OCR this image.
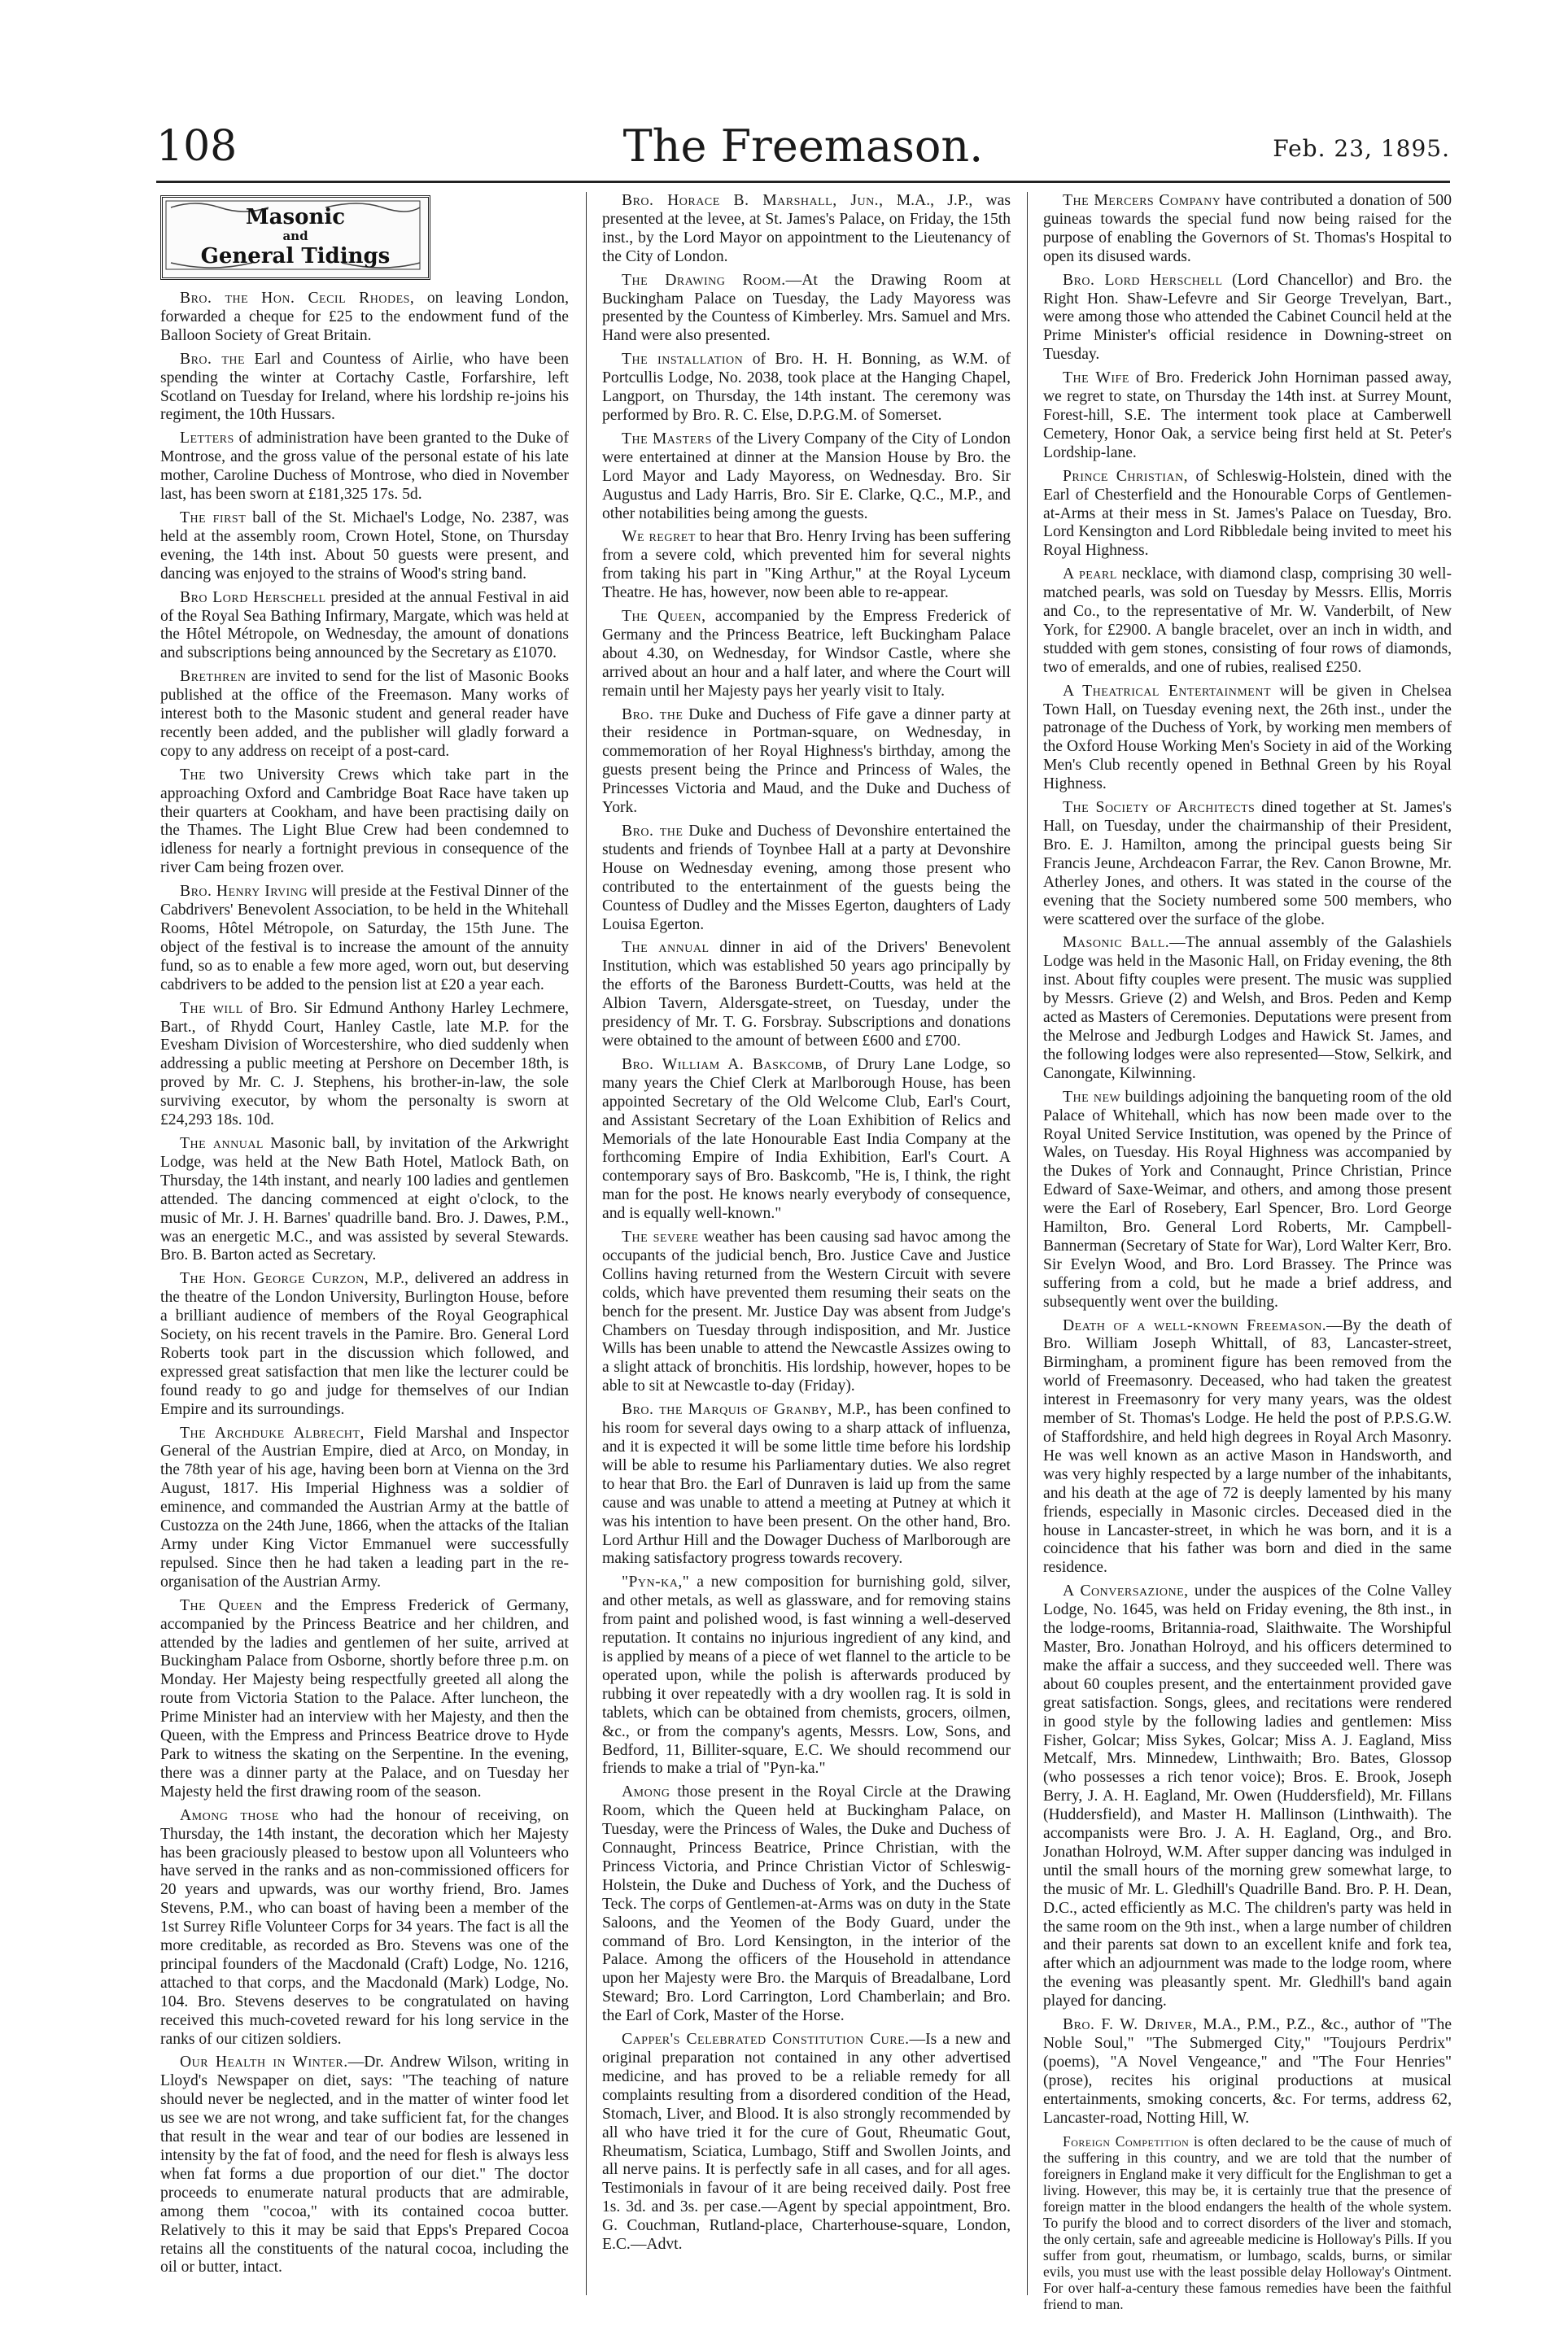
108	The Freemason.	Feb. 23, 1895.
Masonic
and
General Tidings

Bro. the Hon. Cecil Rhodes, on leaving London, forwarded a cheque for £25 to the endowment fund of the Balloon Society of Great Britain.

Bro. the Earl and Countess of Airlie, who have been spending the winter at Cortachy Castle, Forfarshire, left Scotland on Tuesday for Ireland, where his lordship re-joins his regiment, the 10th Hussars.

Letters of administration have been granted to the Duke of Montrose, and the gross value of the personal estate of his late mother, Caroline Duchess of Montrose, who died in November last, has been sworn at £181,325 17s. 5d.

The first ball of the St. Michael's Lodge, No. 2387, was held at the assembly room, Crown Hotel, Stone, on Thursday evening, the 14th inst. About 50 guests were present, and dancing was enjoyed to the strains of Wood's string band.

Bro Lord Herschell presided at the annual Festival in aid of the Royal Sea Bathing Infirmary, Margate, which was held at the Hôtel Métropole, on Wednesday, the amount of donations and subscriptions being announced by the Secretary as £1070.

Brethren are invited to send for the list of Masonic Books published at the office of the Freemason. Many works of interest both to the Masonic student and general reader have recently been added, and the publisher will gladly forward a copy to any address on receipt of a post-card.

The two University Crews which take part in the approaching Oxford and Cambridge Boat Race have taken up their quarters at Cookham, and have been practising daily on the Thames. The Light Blue Crew had been condemned to idleness for nearly a fortnight previous in consequence of the river Cam being frozen over.

Bro. Henry Irving will preside at the Festival Dinner of the Cabdrivers' Benevolent Association, to be held in the Whitehall Rooms, Hôtel Métropole, on Saturday, the 15th June. The object of the festival is to increase the amount of the annuity fund, so as to enable a few more aged, worn out, but deserving cabdrivers to be added to the pension list at £20 a year each.

The will of Bro. Sir Edmund Anthony Harley Lechmere, Bart., of Rhydd Court, Hanley Castle, late M.P. for the Evesham Division of Worcestershire, who died suddenly when addressing a public meeting at Pershore on December 18th, is proved by Mr. C. J. Stephens, his brother-in-law, the sole surviving executor, by whom the personalty is sworn at £24,293 18s. 10d.

The annual Masonic ball, by invitation of the Arkwright Lodge, was held at the New Bath Hotel, Matlock Bath, on Thursday, the 14th instant, and nearly 100 ladies and gentlemen attended. The dancing commenced at eight o'clock, to the music of Mr. J. H. Barnes' quadrille band. Bro. J. Dawes, P.M., was an energetic M.C., and was assisted by several Stewards. Bro. B. Barton acted as Secretary.

The Hon. George Curzon, M.P., delivered an address in the theatre of the London University, Burlington House, before a brilliant audience of members of the Royal Geographical Society, on his recent travels in the Pamire. Bro. General Lord Roberts took part in the discussion which followed, and expressed great satisfaction that men like the lecturer could be found ready to go and judge for themselves of our Indian Empire and its surroundings.

The Archduke Albrecht, Field Marshal and Inspector General of the Austrian Empire, died at Arco, on Monday, in the 78th year of his age, having been born at Vienna on the 3rd August, 1817. His Imperial Highness was a soldier of eminence, and commanded the Austrian Army at the battle of Custozza on the 24th June, 1866, when the attacks of the Italian Army under King Victor Emmanuel were successfully repulsed. Since then he had taken a leading part in the re-organisation of the Austrian Army.

The Queen and the Empress Frederick of Germany, accompanied by the Princess Beatrice and her children, and attended by the ladies and gentlemen of her suite, arrived at Buckingham Palace from Osborne, shortly before three p.m. on Monday. Her Majesty being respectfully greeted all along the route from Victoria Station to the Palace. After luncheon, the Prime Minister had an interview with her Majesty, and then the Queen, with the Empress and Princess Beatrice drove to Hyde Park to witness the skating on the Serpentine. In the evening, there was a dinner party at the Palace, and on Tuesday her Majesty held the first drawing room of the season.

Among those who had the honour of receiving, on Thursday, the 14th instant, the decoration which her Majesty has been graciously pleased to bestow upon all Volunteers who have served in the ranks and as non-commissioned officers for 20 years and upwards, was our worthy friend, Bro. James Stevens, P.M., who can boast of having been a member of the 1st Surrey Rifle Volunteer Corps for 34 years. The fact is all the more creditable, as recorded as Bro. Stevens was one of the principal founders of the Macdonald (Craft) Lodge, No. 1216, attached to that corps, and the Macdonald (Mark) Lodge, No. 104. Bro. Stevens deserves to be congratulated on having received this much-coveted reward for his long service in the ranks of our citizen soldiers.

Our Health in Winter.—Dr. Andrew Wilson, writing in Lloyd's Newspaper on diet, says: "The teaching of nature should never be neglected, and in the matter of winter food let us see we are not wrong, and take sufficient fat, for the changes that result in the wear and tear of our bodies are lessened in intensity by the fat of food, and the need for flesh is always less when fat forms a due proportion of our diet." The doctor proceeds to enumerate natural products that are admirable, among them "cocoa," with its contained cocoa butter. Relatively to this it may be said that Epps's Prepared Cocoa retains all the constituents of the natural cocoa, including the oil or butter, intact.

Bro. Horace B. Marshall, Jun., M.A., J.P., was presented at the levee, at St. James's Palace, on Friday, the 15th inst., by the Lord Mayor on appointment to the Lieutenancy of the City of London.

The Drawing Room.—At the Drawing Room at Buckingham Palace on Tuesday, the Lady Mayoress was presented by the Countess of Kimberley. Mrs. Samuel and Mrs. Hand were also presented.

The installation of Bro. H. H. Bonning, as W.M. of Portcullis Lodge, No. 2038, took place at the Hanging Chapel, Langport, on Thursday, the 14th instant. The ceremony was performed by Bro. R. C. Else, D.P.G.M. of Somerset.

The Masters of the Livery Company of the City of London were entertained at dinner at the Mansion House by Bro. the Lord Mayor and Lady Mayoress, on Wednesday. Bro. Sir Augustus and Lady Harris, Bro. Sir E. Clarke, Q.C., M.P., and other notabilities being among the guests.

We regret to hear that Bro. Henry Irving has been suffering from a severe cold, which prevented him for several nights from taking his part in "King Arthur," at the Royal Lyceum Theatre. He has, however, now been able to re-appear.

The Queen, accompanied by the Empress Frederick of Germany and the Princess Beatrice, left Buckingham Palace about 4.30, on Wednesday, for Windsor Castle, where she arrived about an hour and a half later, and where the Court will remain until her Majesty pays her yearly visit to Italy.

Bro. the Duke and Duchess of Fife gave a dinner party at their residence in Portman-square, on Wednesday, in commemoration of her Royal Highness's birthday, among the guests present being the Prince and Princess of Wales, the Princesses Victoria and Maud, and the Duke and Duchess of York.

Bro. the Duke and Duchess of Devonshire entertained the students and friends of Toynbee Hall at a party at Devonshire House on Wednesday evening, among those present who contributed to the entertainment of the guests being the Countess of Dudley and the Misses Egerton, daughters of Lady Louisa Egerton.

The annual dinner in aid of the Drivers' Benevolent Institution, which was established 50 years ago principally by the efforts of the Baroness Burdett-Coutts, was held at the Albion Tavern, Aldersgate-street, on Tuesday, under the presidency of Mr. T. G. Forsbray. Subscriptions and donations were obtained to the amount of between £600 and £700.

Bro. William A. Baskcomb, of Drury Lane Lodge, so many years the Chief Clerk at Marlborough House, has been appointed Secretary of the Old Welcome Club, Earl's Court, and Assistant Secretary of the Loan Exhibition of Relics and Memorials of the late Honourable East India Company at the forthcoming Empire of India Exhibition, Earl's Court. A contemporary says of Bro. Baskcomb, "He is, I think, the right man for the post. He knows nearly everybody of consequence, and is equally well-known."

The severe weather has been causing sad havoc among the occupants of the judicial bench, Bro. Justice Cave and Justice Collins having returned from the Western Circuit with severe colds, which have prevented them resuming their seats on the bench for the present. Mr. Justice Day was absent from Judge's Chambers on Tuesday through indisposition, and Mr. Justice Wills has been unable to attend the Newcastle Assizes owing to a slight attack of bronchitis. His lordship, however, hopes to be able to sit at Newcastle to-day (Friday).

Bro. the Marquis of Granby, M.P., has been confined to his room for several days owing to a sharp attack of influenza, and it is expected it will be some little time before his lordship will be able to resume his Parliamentary duties. We also regret to hear that Bro. the Earl of Dunraven is laid up from the same cause and was unable to attend a meeting at Putney at which it was his intention to have been present. On the other hand, Bro. Lord Arthur Hill and the Dowager Duchess of Marlborough are making satisfactory progress towards recovery.

"Pyn-ka," a new composition for burnishing gold, silver, and other metals, as well as glassware, and for removing stains from paint and polished wood, is fast winning a well-deserved reputation. It contains no injurious ingredient of any kind, and is applied by means of a piece of wet flannel to the article to be operated upon, while the polish is afterwards produced by rubbing it over repeatedly with a dry woollen rag. It is sold in tablets, which can be obtained from chemists, grocers, oilmen, &c., or from the company's agents, Messrs. Low, Sons, and Bedford, 11, Billiter-square, E.C. We should recommend our friends to make a trial of "Pyn-ka."

Among those present in the Royal Circle at the Drawing Room, which the Queen held at Buckingham Palace, on Tuesday, were the Princess of Wales, the Duke and Duchess of Connaught, Princess Beatrice, Prince Christian, with the Princess Victoria, and Prince Christian Victor of Schleswig-Holstein, the Duke and Duchess of York, and the Duchess of Teck. The corps of Gentlemen-at-Arms was on duty in the State Saloons, and the Yeomen of the Body Guard, under the command of Bro. Lord Kensington, in the interior of the Palace. Among the officers of the Household in attendance upon her Majesty were Bro. the Marquis of Breadalbane, Lord Steward; Bro. Lord Carrington, Lord Chamberlain; and Bro. the Earl of Cork, Master of the Horse.

Capper's Celebrated Constitution Cure.—Is a new and original preparation not contained in any other advertised medicine, and has proved to be a reliable remedy for all complaints resulting from a disordered condition of the Head, Stomach, Liver, and Blood. It is also strongly recommended by all who have tried it for the cure of Gout, Rheumatic Gout, Rheumatism, Sciatica, Lumbago, Stiff and Swollen Joints, and all nerve pains. It is perfectly safe in all cases, and for all ages. Testimonials in favour of it are being received daily. Post free 1s. 3d. and 3s. per case.—Agent by special appointment, Bro. G. Couchman, Rutland-place, Charterhouse-square, London, E.C.—Advt.

The Mercers Company have contributed a donation of 500 guineas towards the special fund now being raised for the purpose of enabling the Governors of St. Thomas's Hospital to open its disused wards.

Bro. Lord Herschell (Lord Chancellor) and Bro. the Right Hon. Shaw-Lefevre and Sir George Trevelyan, Bart., were among those who attended the Cabinet Council held at the Prime Minister's official residence in Downing-street on Tuesday.

The Wife of Bro. Frederick John Horniman passed away, we regret to state, on Thursday the 14th inst. at Surrey Mount, Forest-hill, S.E. The interment took place at Camberwell Cemetery, Honor Oak, a service being first held at St. Peter's Lordship-lane.

Prince Christian, of Schleswig-Holstein, dined with the Earl of Chesterfield and the Honourable Corps of Gentlemen-at-Arms at their mess in St. James's Palace on Tuesday, Bro. Lord Kensington and Lord Ribbledale being invited to meet his Royal Highness.

A pearl necklace, with diamond clasp, comprising 30 well-matched pearls, was sold on Tuesday by Messrs. Ellis, Morris and Co., to the representative of Mr. W. Vanderbilt, of New York, for £2900. A bangle bracelet, over an inch in width, and studded with gem stones, consisting of four rows of diamonds, two of emeralds, and one of rubies, realised £250.

A Theatrical Entertainment will be given in Chelsea Town Hall, on Tuesday evening next, the 26th inst., under the patronage of the Duchess of York, by working men members of the Oxford House Working Men's Society in aid of the Working Men's Club recently opened in Bethnal Green by his Royal Highness.

The Society of Architects dined together at St. James's Hall, on Tuesday, under the chairmanship of their President, Bro. E. J. Hamilton, among the principal guests being Sir Francis Jeune, Archdeacon Farrar, the Rev. Canon Browne, Mr. Atherley Jones, and others. It was stated in the course of the evening that the Society numbered some 500 members, who were scattered over the surface of the globe.

Masonic Ball.—The annual assembly of the Galashiels Lodge was held in the Masonic Hall, on Friday evening, the 8th inst. About fifty couples were present. The music was supplied by Messrs. Grieve (2) and Welsh, and Bros. Peden and Kemp acted as Masters of Ceremonies. Deputations were present from the Melrose and Jedburgh Lodges and Hawick St. James, and the following lodges were also represented—Stow, Selkirk, and Canongate, Kilwinning.

The new buildings adjoining the banqueting room of the old Palace of Whitehall, which has now been made over to the Royal United Service Institution, was opened by the Prince of Wales, on Tuesday. His Royal Highness was accompanied by the Dukes of York and Connaught, Prince Christian, Prince Edward of Saxe-Weimar, and others, and among those present were the Earl of Rosebery, Earl Spencer, Bro. Lord George Hamilton, Bro. General Lord Roberts, Mr. Campbell-Bannerman (Secretary of State for War), Lord Walter Kerr, Bro. Sir Evelyn Wood, and Bro. Lord Brassey. The Prince was suffering from a cold, but he made a brief address, and subsequently went over the building.

Death of a well-known Freemason.—By the death of Bro. William Joseph Whittall, of 83, Lancaster-street, Birmingham, a prominent figure has been removed from the world of Freemasonry. Deceased, who had taken the greatest interest in Freemasonry for very many years, was the oldest member of St. Thomas's Lodge. He held the post of P.P.S.G.W. of Staffordshire, and held high degrees in Royal Arch Masonry. He was well known as an active Mason in Handsworth, and was very highly respected by a large number of the inhabitants, and his death at the age of 72 is deeply lamented by his many friends, especially in Masonic circles. Deceased died in the house in Lancaster-street, in which he was born, and it is a coincidence that his father was born and died in the same residence.

A Conversazione, under the auspices of the Colne Valley Lodge, No. 1645, was held on Friday evening, the 8th inst., in the lodge-rooms, Britannia-road, Slaithwaite. The Worshipful Master, Bro. Jonathan Holroyd, and his officers determined to make the affair a success, and they succeeded well. There was about 60 couples present, and the entertainment provided gave great satisfaction. Songs, glees, and recitations were rendered in good style by the following ladies and gentlemen: Miss Fisher, Golcar; Miss Sykes, Golcar; Miss A. J. Eagland, Miss Metcalf, Mrs. Minnedew, Linthwaith; Bro. Bates, Glossop (who possesses a rich tenor voice); Bros. E. Brook, Joseph Berry, J. A. H. Eagland, Mr. Owen (Huddersfield), Mr. Fillans (Huddersfield), and Master H. Mallinson (Linthwaith). The accompanists were Bro. J. A. H. Eagland, Org., and Bro. Jonathan Holroyd, W.M. After supper dancing was indulged in until the small hours of the morning grew somewhat large, to the music of Mr. L. Gledhill's Quadrille Band. Bro. P. H. Dean, D.C., acted efficiently as M.C. The children's party was held in the same room on the 9th inst., when a large number of children and their parents sat down to an excellent knife and fork tea, after which an adjournment was made to the lodge room, where the evening was pleasantly spent. Mr. Gledhill's band again played for dancing.

Bro. F. W. Driver, M.A., P.M., P.Z., &c., author of "The Noble Soul," "The Submerged City," "Toujours Perdrix" (poems), "A Novel Vengeance," and "The Four Henries" (prose), recites his original productions at musical entertainments, smoking concerts, &c. For terms, address 62, Lancaster-road, Notting Hill, W.

Foreign Competition is often declared to be the cause of much of the suffering in this country, and we are told that the number of foreigners in England make it very difficult for the Englishman to get a living. However, this may be, it is certainly true that the presence of foreign matter in the blood endangers the health of the whole system. To purify the blood and to correct disorders of the liver and stomach, the only certain, safe and agreeable medicine is Holloway's Pills. If you suffer from gout, rheumatism, or lumbago, scalds, burns, or similar evils, you must use with the least possible delay Holloway's Ointment. For over half-a-century these famous remedies have been the faithful friend to man.
